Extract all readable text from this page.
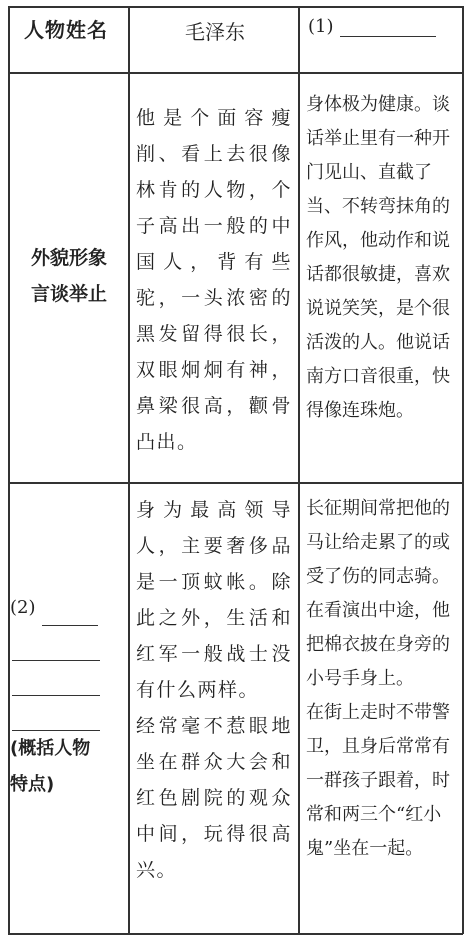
人物姓名	毛泽东	(1)
外貌形象
言谈举止
他是个面容瘦削、看上去很像林肯的人物，个子高出一般的中国人，背有些驼，一头浓密的黑发留得很长，双眼炯炯有神，鼻梁很高，颧骨凸出。
身体极为健康。谈话举止里有一种开门见山、直截了当、不转弯抹角的作风，他动作和说话都很敏捷，喜欢说说笑笑，是个很活泼的人。他说话南方口音很重，快得像连珠炮。
(2)
(概括人物
特点)
身为最高领导人，主要奢侈品是一顶蚊帐。除此之外，生活和红军一般战士没有什么两样。
经常毫不惹眼地坐在群众大会和红色剧院的观众中间，玩得很高兴。
长征期间常把他的马让给走累了的或受了伤的同志骑。在看演出中途，他把棉衣披在身旁的小号手身上。
在街上走时不带警卫，且身后常常有一群孩子跟着，时常和两三个“红小鬼”坐在一起。
